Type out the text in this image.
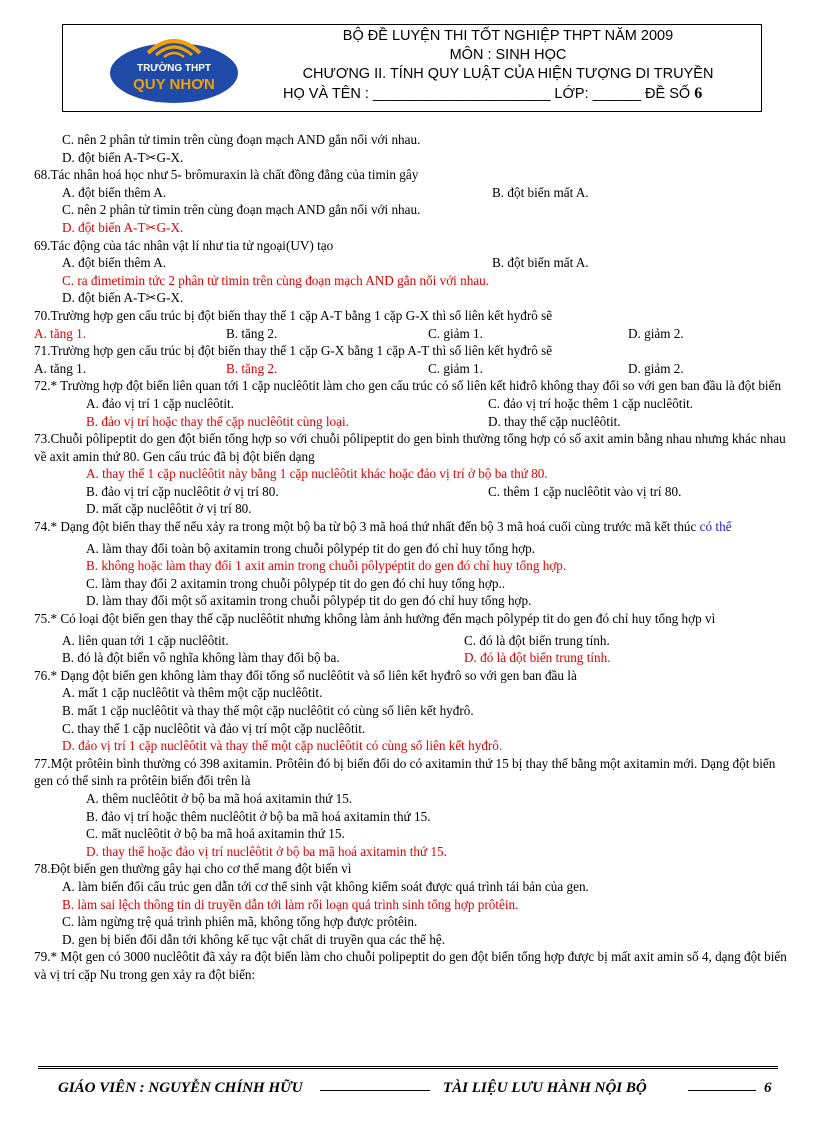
TRƯỜNG THPT
QUY NHƠN
BỘ ĐỀ LUYỆN THI TỐT NGHIỆP THPT NĂM 2009
MÔN : SINH HỌC
CHƯƠNG II. TÍNH QUY LUẬT CỦA HIỆN TƯỢNG DI TRUYỀN
HỌ VÀ TÊN : ______________________ LỚP: ______ ĐỀ SỐ 6
C. nên 2 phân tử timin trên cùng đoạn mạch AND gắn nối với nhau.
D. đột biến A-T✂G-X.
68.Tác nhân hoá học như 5- brômuraxin là chất đồng đẳng của timin gây
A. đột biến thêm A.	B. đột biến mất A.
C. nên 2 phân tử timin trên cùng đoạn mạch AND gắn nối với nhau.
D. đột biến A-T✂G-X.
69.Tác động của tác nhân vật lí như tia tử ngoại(UV) tạo
A. đột biến thêm A.	B. đột biến mất A.
C. ra đimetimin tức 2 phân tử timin trên cùng đoạn mạch AND gắn nối với nhau.
D. đột biến A-T✂G-X.
70.Trường hợp gen cấu trúc bị đột biến thay thế 1 cặp A-T bằng 1 cặp G-X thì số liên kết hyđrô sẽ
A. tăng 1.	B. tăng 2.	C. giảm 1.	D. giảm 2.
71.Trường hợp gen cấu trúc bị đột biến thay thế 1 cặp G-X bằng 1 cặp A-T thì số liên kết hyđrô sẽ
A. tăng 1.	B. tăng 2.	C. giảm 1.	D. giảm 2.
72.* Trường hợp đột biến liên quan tới 1 cặp nuclêôtit làm cho gen cấu trúc có số liên kết hiđrô không thay đổi so với gen ban đầu là đột biến
A. đảo vị trí 1 cặp nuclêôtit.	C. đảo vị trí hoặc thêm 1 cặp nuclêôtit.
B. đảo vị trí hoặc thay thế cặp nuclêôtit cùng loại.	D. thay thế cặp nuclêôtit.
73.Chuỗi pôlipeptit do gen đột biến tổng hợp so với chuỗi pôlipeptit do gen bình thường tổng hợp có số axit amin bằng nhau nhưng khác nhau về axit amin thứ 80. Gen cấu trúc đã bị đột biến dạng
A. thay thế 1 cặp nuclêôtit này bằng 1 cặp nuclêôtit khác hoặc đảo vị trí ở bộ ba thứ 80.
B. đảo vị trí cặp nuclêôtit ở vị trí 80.	C. thêm 1 cặp nuclêôtit vào vị trí 80.
D. mất cặp nuclêôtit ở vị trí 80.
74.* Dạng đột biến thay thế nếu xảy ra trong một bộ ba từ bộ 3 mã hoá thứ nhất đến bộ 3 mã hoá cuối cùng trước mã kết thúc có thể
A. làm thay đổi toàn bộ axitamin trong chuỗi pôlypép tit do gen đó chỉ huy tổng hợp.
B. không hoặc làm thay đổi 1 axit amin trong chuỗi pôlypéptit do gen đó chỉ huy tổng hợp.
C. làm thay đổi 2 axitamin trong chuỗi pôlypép tit do gen đó chỉ huy tổng hợp..
D. làm thay đổi một số axitamin trong chuỗi pôlypép tit do gen đó chỉ huy tổng hợp.
75.* Có loại đột biến gen thay thế cặp nuclêôtit nhưng không làm ảnh hưởng đến mạch pôlypép tit do gen đó chỉ huy tổng hợp vì
A. liên quan tới 1 cặp nuclêôtit.	C. đó là đột biến trung tính.
B. đó là đột biến vô nghĩa không làm thay đổi bộ ba.	D. đó là đột biến trung tính.
76.* Dạng đột biến gen không làm thay đổi tổng số nuclêôtit và số liên kết hyđrô so với gen ban đầu là
A. mất 1 cặp nuclêôtit và thêm một cặp nuclêôtit.
B. mất 1 cặp nuclêôtit và thay thế một cặp nuclêôtit có cùng số liên kết hyđrô.
C. thay thế 1 cặp nuclêôtit và đảo vị trí một cặp nuclêôtit.
D. đảo vị trí 1 cặp nuclêôtit và thay thế một cặp nuclêôtit có cùng số liên kết hyđrô.
77.Một prôtêin bình thường có 398 axitamin. Prôtêin đó bị biến đổi do có axitamin thứ 15 bị thay thế bằng một axitamin mới. Dạng đột biến gen có thể sinh ra prôtêin biến đổi trên là
A. thêm nuclêôtit ở bộ ba mã hoá axitamin thứ 15.
B. đảo vị trí hoặc thêm nuclêôtit ở bộ ba mã hoá axitamin thứ 15.
C. mất nuclêôtit ở bộ ba mã hoá axitamin thứ 15.
D. thay thế hoặc đảo vị trí nuclêôtit ở bộ ba mã hoá axitamin thứ 15.
78.Đột biến gen thường gây hại cho cơ thể mang đột biến vì
A. làm biến đổi cấu trúc gen dẫn tới cơ thể sinh vật không kiểm soát được quá trình tái bản của gen.
B. làm sai lệch thông tin di truyền dẫn tới làm rối loạn quá trình sinh tổng hợp prôtêin.
C. làm ngừng trệ quá trình phiên mã, không tổng hợp được prôtêin.
D. gen bị biến đổi dẫn tới không kế tục vật chất di truyền qua các thế hệ.
79.* Một gen có 3000 nuclêôtit đã xảy ra đột biến làm cho chuỗi polipeptit do gen đột biến tổng hợp được bị mất axit amin số 4, dạng đột biến và vị trí cặp Nu trong gen xảy ra đột biến:
GIÁO VIÊN : NGUYỄN CHÍNH HỮU	TÀI LIỆU LƯU HÀNH NỘI BỘ	6
